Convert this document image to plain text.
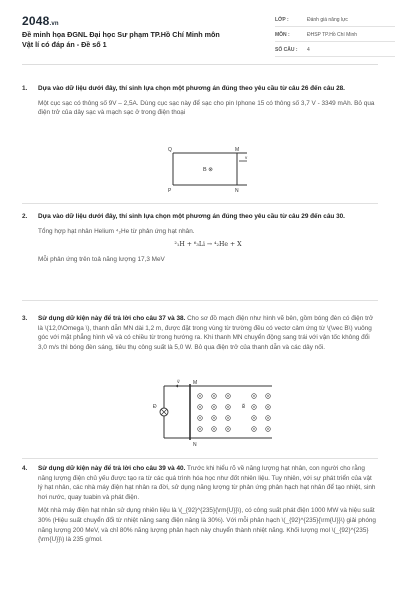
2048.vn
Đề minh họa ĐGNL Đại học Sư phạm TP.Hồ Chí Minh môn
Vật lí có đáp án - Đề số 1
LỚP :	Đánh giá năng lực
MÔN :	ĐHSP TP.Hồ Chí Minh
SỐ CÂU : 4
1. Dựa vào dữ liệu dưới đây, thí sinh lựa chọn một phương án đúng theo yêu cầu từ câu 26 đến câu 28.

Một cục sạc có thông số 9V – 2,5A. Dùng cục sạc này để sạc cho pin Iphone 15 có thông số 3,7 V - 3349 mAh. Bỏ qua điện trở của dây sạc và mạch sạc ở trong điện thoại

Q	M
P	N
B ⊗
v
2. Dựa vào dữ liệu dưới đây, thí sinh lựa chọn một phương án đúng theo yêu cầu từ câu 29 đến câu 30.

Tổng hợp hạt nhân Helium ⁴₂He từ phản ứng hạt nhân.

²₁H + ⁶₃Li → ⁴₂He + X

Mỗi phản ứng trên toả năng lượng 17,3 MeV

3. Sử dụng dữ kiện này để trả lời cho câu 37 và 38. Cho sơ đồ mạch điện như hình vẽ bên, gồm bóng đèn có điện trở là \(12,0\Omega \), thanh dẫn MN dài 1,2 m, được đặt trong vùng từ trường đều có vectơ cảm ứng từ \(\vec B\) vuông góc với mặt phẳng hình vẽ và có chiều từ trong hướng ra. Khi thanh MN chuyển động sang trái với vận tốc không đổi 3,0 m/s thì bóng đèn sáng, tiêu thụ công suất là 5,0 W. Bỏ qua điện trở của thanh dẫn và các dây nối.

Đ
M
N
v⃗
B⃗
4. Sử dụng dữ kiện này để trả lời cho câu 39 và 40. Trước khi hiểu rõ về năng lượng hạt nhân, con người cho rằng năng lượng điện chủ yếu được tạo ra từ các quá trình hóa học như đốt nhiên liệu. Tuy nhiên, với sự phát triển của vật lý hạt nhân, các nhà máy điện hạt nhân ra đời, sử dụng năng lượng từ phản ứng phân hạch hạt nhân để tạo nhiệt, sinh hơi nước, quay tuabin và phát điện.

Một nhà máy điện hạt nhân sử dụng nhiên liệu là \(_{92}^{235}{\rm{U}}\), có công suất phát điện 1000 MW và hiệu suất 30% (Hiệu suất chuyển đổi từ nhiệt năng sang điện năng là 30%). Với mỗi phân hạch \(_{92}^{235}{\rm{U}}\) giải phóng năng lượng 200 MeV, và chỉ 80% năng lượng phân hạch này chuyển thành nhiệt năng. Khối lượng mol \(_{92}^{235}{\rm{U}}\) là 235 g/mol.
